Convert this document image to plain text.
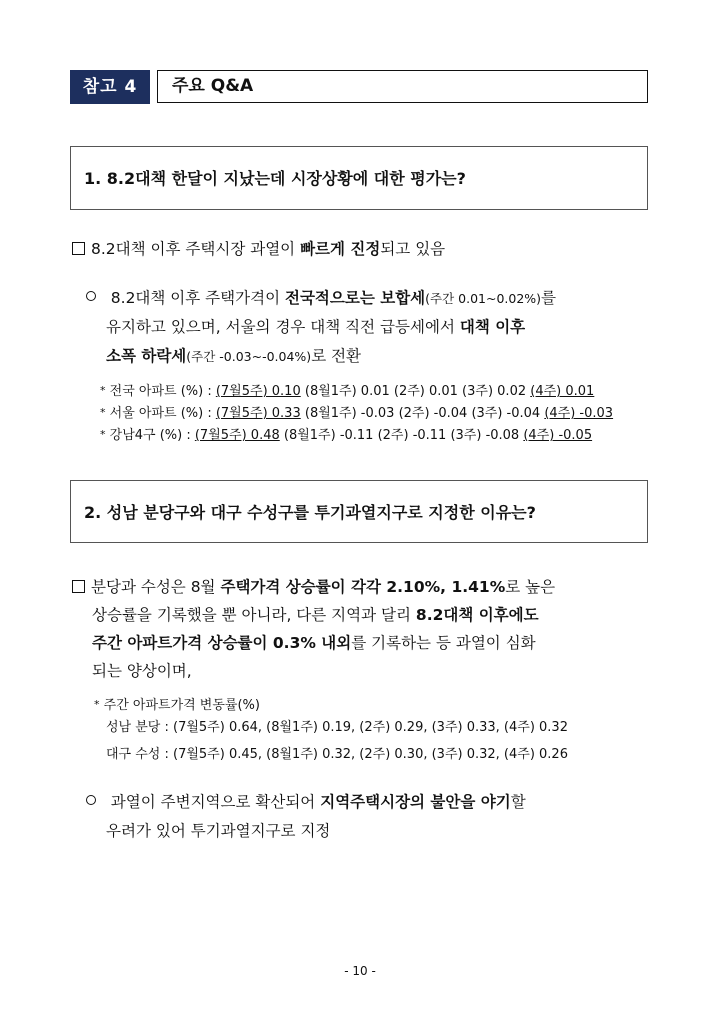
참고 4	주요 Q&A
1. 8.2대책 한달이 지났는데 시장상황에 대한 평가는?
8.2대책 이후 주택시장 과열이 빠르게 진정되고 있음
8.2대책 이후 주택가격이 전국적으로는 보합세(주간 0.01~0.02%)를
유지하고 있으며, 서울의 경우 대책 직전 급등세에서 대책 이후
소폭 하락세(주간 -0.03~-0.04%)로 전환
* 전국 아파트 (%) : (7월5주) 0.10 (8월1주) 0.01 (2주) 0.01 (3주) 0.02 (4주) 0.01
* 서울 아파트 (%) : (7월5주) 0.33 (8월1주) -0.03 (2주) -0.04 (3주) -0.04 (4주) -0.03
* 강남4구 (%) : (7월5주) 0.48 (8월1주) -0.11 (2주) -0.11 (3주) -0.08 (4주) -0.05
2. 성남 분당구와 대구 수성구를 투기과열지구로 지정한 이유는?
분당과 수성은 8월 주택가격 상승률이 각각 2.10%, 1.41%로 높은
상승률을 기록했을 뿐 아니라, 다른 지역과 달리 8.2대책 이후에도
주간 아파트가격 상승률이 0.3% 내외를 기록하는 등 과열이 심화
되는 양상이며,
* 주간 아파트가격 변동률(%)
성남 분당 : (7월5주) 0.64, (8월1주) 0.19, (2주) 0.29, (3주) 0.33, (4주) 0.32
대구 수성 : (7월5주) 0.45, (8월1주) 0.32, (2주) 0.30, (3주) 0.32, (4주) 0.26
과열이 주변지역으로 확산되어 지역주택시장의 불안을 야기할
우려가 있어 투기과열지구로 지정
- 10 -
